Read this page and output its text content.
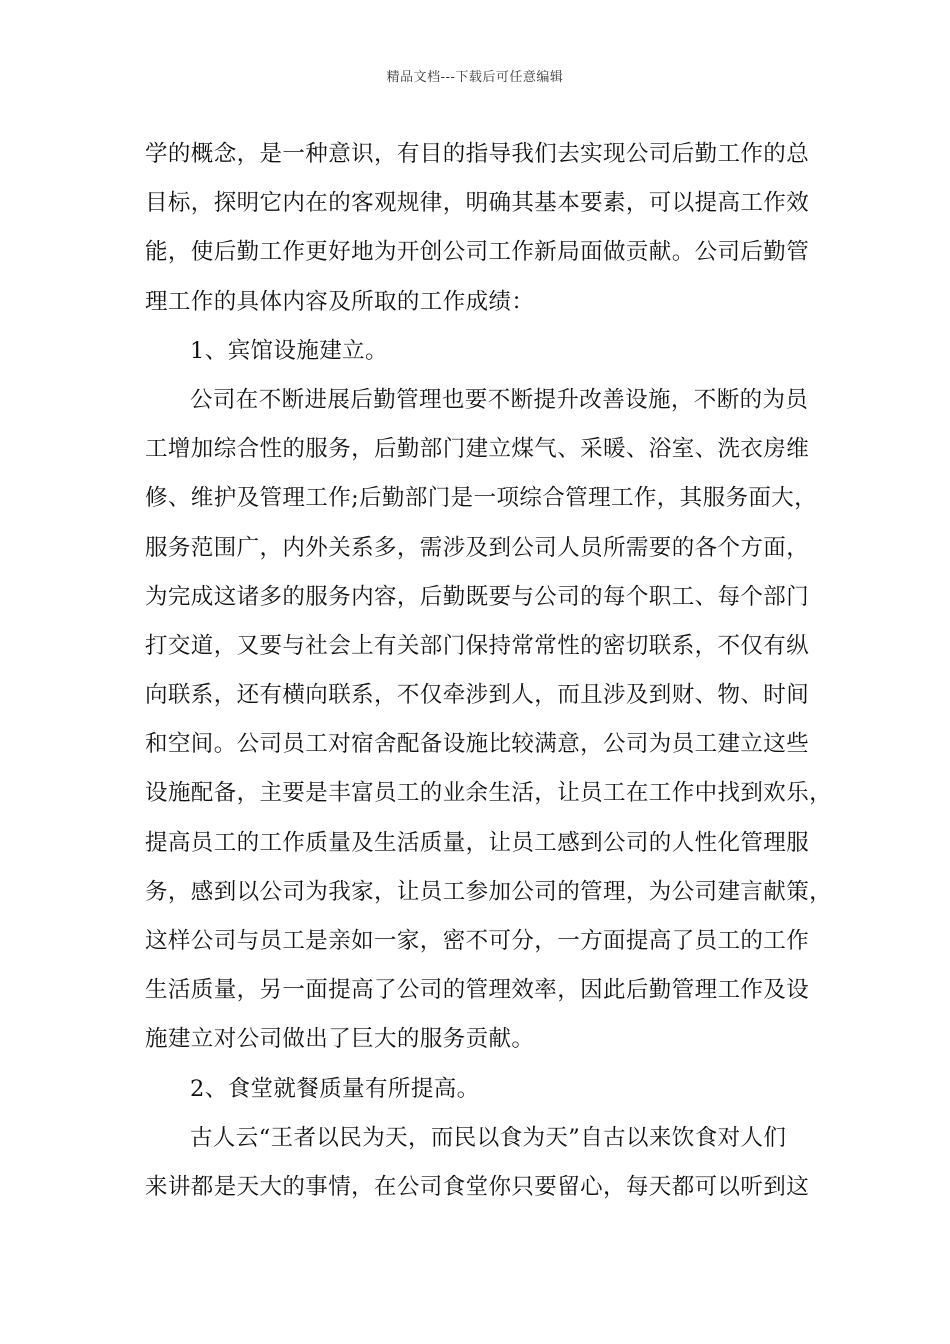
精品文档---下载后可任意编辑
学的概念，是一种意识，有目的指导我们去实现公司后勤工作的总
目标，探明它内在的客观规律，明确其基本要素，可以提高工作效
能，使后勤工作更好地为开创公司工作新局面做贡献。公司后勤管
理工作的具体内容及所取的工作成绩：
1、宾馆设施建立。
公司在不断进展后勤管理也要不断提升改善设施，不断的为员
工增加综合性的服务，后勤部门建立煤气、采暖、浴室、洗衣房维
修、维护及管理工作;后勤部门是一项综合管理工作，其服务面大，
服务范围广，内外关系多，需涉及到公司人员所需要的各个方面，
为完成这诸多的服务内容，后勤既要与公司的每个职工、每个部门
打交道，又要与社会上有关部门保持常常性的密切联系，不仅有纵
向联系，还有横向联系，不仅牵涉到人，而且涉及到财、物、时间
和空间。公司员工对宿舍配备设施比较满意，公司为员工建立这些
设施配备，主要是丰富员工的业余生活，让员工在工作中找到欢乐，
提高员工的工作质量及生活质量，让员工感到公司的人性化管理服
务，感到以公司为我家，让员工参加公司的管理，为公司建言献策，
这样公司与员工是亲如一家，密不可分，一方面提高了员工的工作
生活质量，另一面提高了公司的管理效率，因此后勤管理工作及设
施建立对公司做出了巨大的服务贡献。
2、食堂就餐质量有所提高。
古人云“王者以民为天，而民以食为天”自古以来饮食对人们
来讲都是天大的事情，在公司食堂你只要留心，每天都可以听到这
